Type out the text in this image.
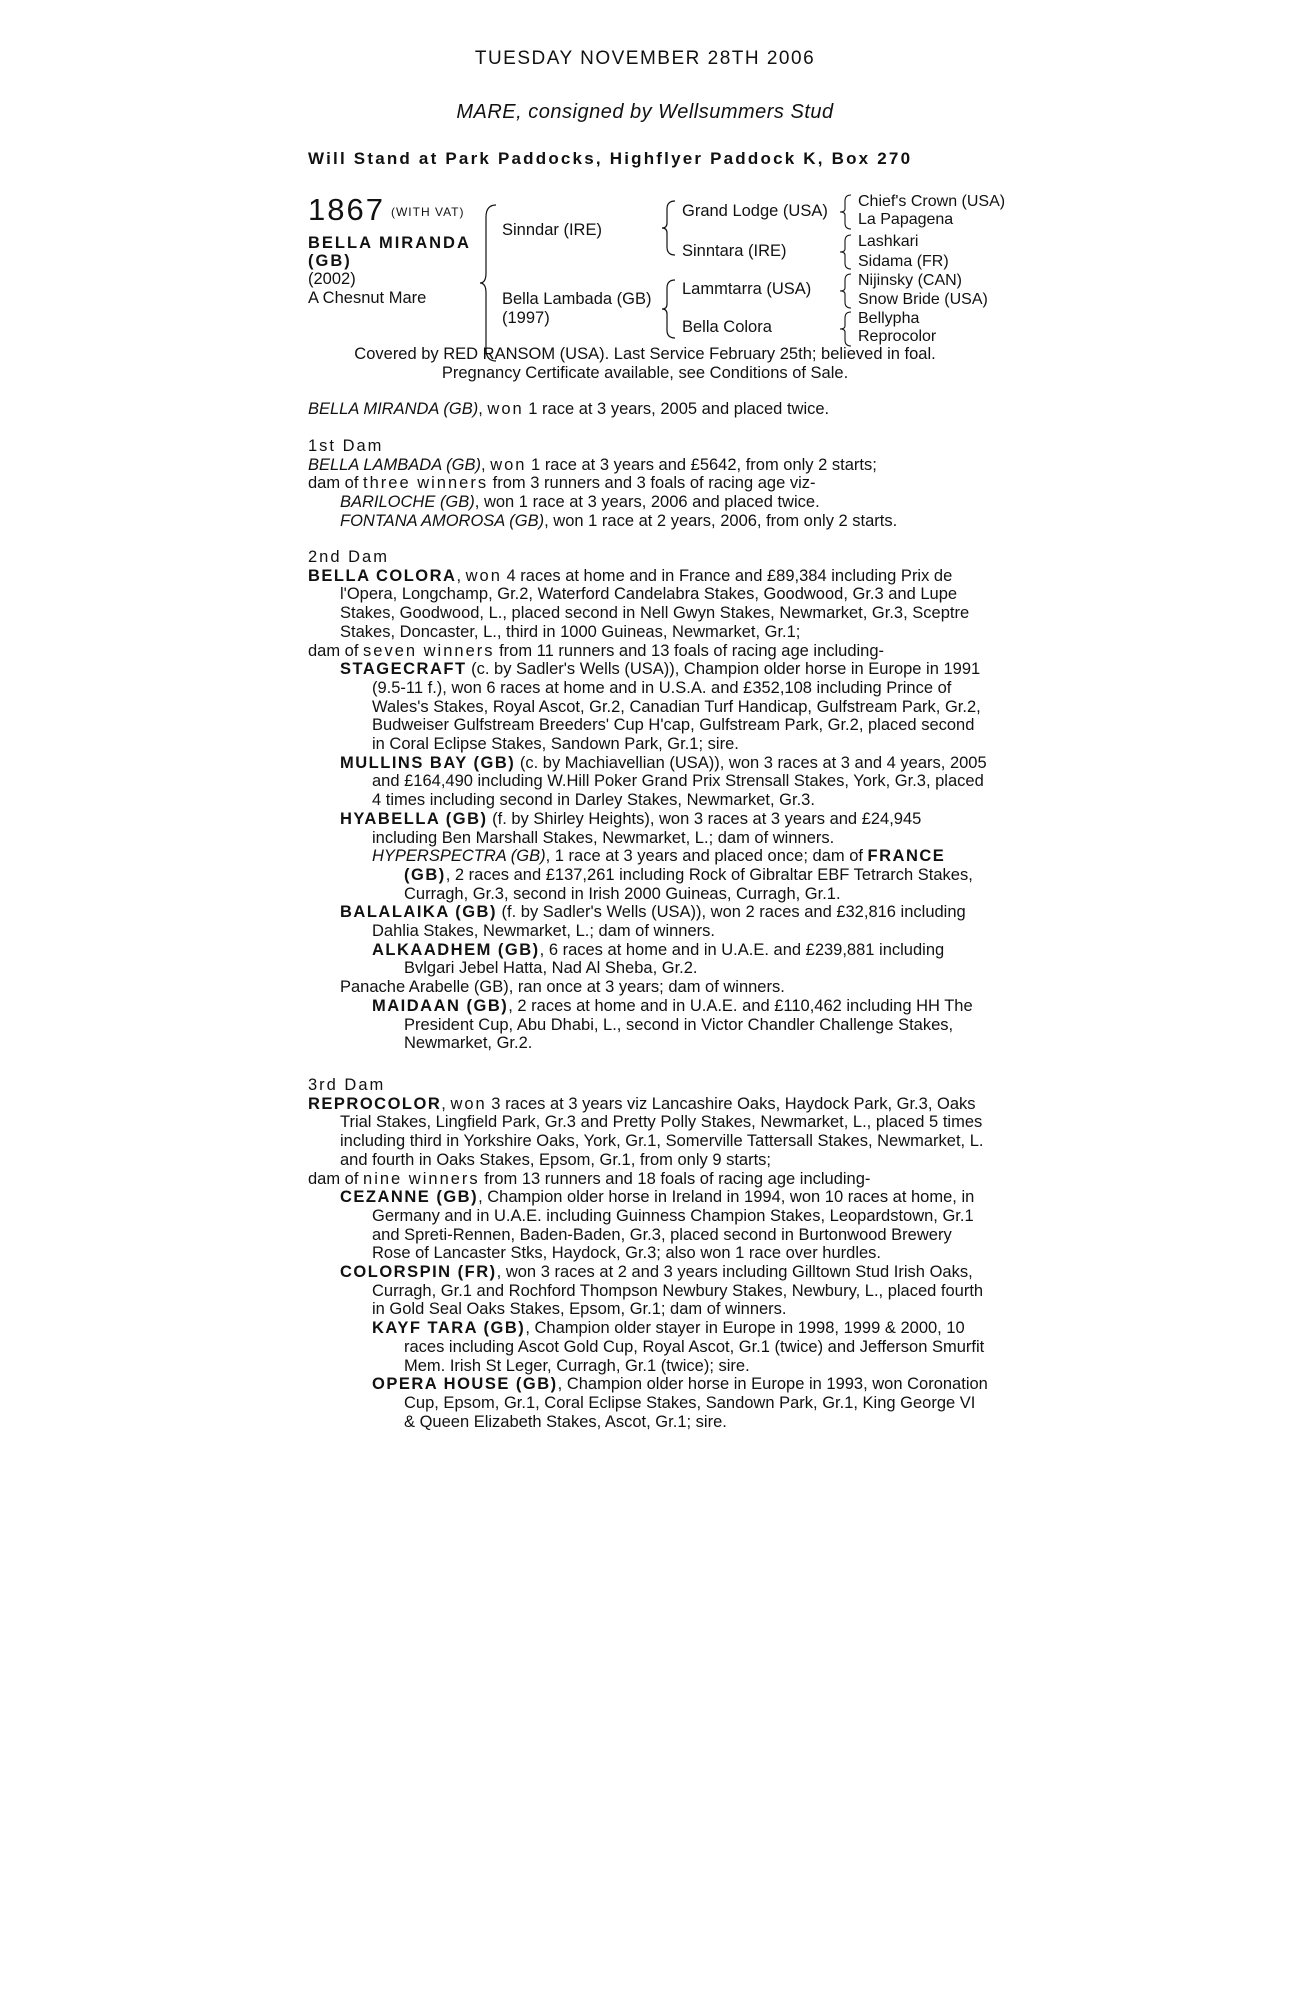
TUESDAY NOVEMBER 28TH 2006
MARE, consigned by Wellsummers Stud
Will Stand at Park Paddocks, Highflyer Paddock K, Box 270
1867 (WITH VAT)
BELLA MIRANDA
(GB)
(2002)
A Chesnut Mare
Sinndar (IRE)
Bella Lambada (GB)
(1997)
Grand Lodge (USA)
Sinntara (IRE)
Lammtarra (USA)
Bella Colora
Chief's Crown (USA)
La Papagena
Lashkari
Sidama (FR)
Nijinsky (CAN)
Snow Bride (USA)
Bellypha
Reprocolor
Covered by RED RANSOM (USA). Last Service February 25th; believed in foal.
Pregnancy Certificate available, see Conditions of Sale.

BELLA MIRANDA (GB), won 1 race at 3 years, 2005 and placed twice.

1st Dam

BELLA LAMBADA (GB), won 1 race at 3 years and £5642, from only 2 starts;

dam of three winners from 3 runners and 3 foals of racing age viz-

BARILOCHE (GB), won 1 race at 3 years, 2006 and placed twice.

FONTANA AMOROSA (GB), won 1 race at 2 years, 2006, from only 2 starts.

2nd Dam

BELLA COLORA, won 4 races at home and in France and £89,384 including Prix de l'Opera, Longchamp, Gr.2, Waterford Candelabra Stakes, Goodwood, Gr.3 and Lupe Stakes, Goodwood, L., placed second in Nell Gwyn Stakes, Newmarket, Gr.3, Sceptre Stakes, Doncaster, L., third in 1000 Guineas, Newmarket, Gr.1;

dam of seven winners from 11 runners and 13 foals of racing age including-

STAGECRAFT (c. by Sadler's Wells (USA)), Champion older horse in Europe in 1991 (9.5-11 f.), won 6 races at home and in U.S.A. and £352,108 including Prince of Wales's Stakes, Royal Ascot, Gr.2, Canadian Turf Handicap, Gulfstream Park, Gr.2, Budweiser Gulfstream Breeders' Cup H'cap, Gulfstream Park, Gr.2, placed second in Coral Eclipse Stakes, Sandown Park, Gr.1; sire.

MULLINS BAY (GB) (c. by Machiavellian (USA)), won 3 races at 3 and 4 years, 2005 and £164,490 including W.Hill Poker Grand Prix Strensall Stakes, York, Gr.3, placed 4 times including second in Darley Stakes, Newmarket, Gr.3.

HYABELLA (GB) (f. by Shirley Heights), won 3 races at 3 years and £24,945 including Ben Marshall Stakes, Newmarket, L.; dam of winners.

HYPERSPECTRA (GB), 1 race at 3 years and placed once; dam of FRANCE (GB), 2 races and £137,261 including Rock of Gibraltar EBF Tetrarch Stakes, Curragh, Gr.3, second in Irish 2000 Guineas, Curragh, Gr.1.

BALALAIKA (GB) (f. by Sadler's Wells (USA)), won 2 races and £32,816 including Dahlia Stakes, Newmarket, L.; dam of winners.

ALKAADHEM (GB), 6 races at home and in U.A.E. and £239,881 including Bvlgari Jebel Hatta, Nad Al Sheba, Gr.2.

Panache Arabelle (GB), ran once at 3 years; dam of winners.

MAIDAAN (GB), 2 races at home and in U.A.E. and £110,462 including HH The President Cup, Abu Dhabi, L., second in Victor Chandler Challenge Stakes, Newmarket, Gr.2.

3rd Dam

REPROCOLOR, won 3 races at 3 years viz Lancashire Oaks, Haydock Park, Gr.3, Oaks Trial Stakes, Lingfield Park, Gr.3 and Pretty Polly Stakes, Newmarket, L., placed 5 times including third in Yorkshire Oaks, York, Gr.1, Somerville Tattersall Stakes, Newmarket, L. and fourth in Oaks Stakes, Epsom, Gr.1, from only 9 starts;

dam of nine winners from 13 runners and 18 foals of racing age including-

CEZANNE (GB), Champion older horse in Ireland in 1994, won 10 races at home, in Germany and in U.A.E. including Guinness Champion Stakes, Leopardstown, Gr.1 and Spreti-Rennen, Baden-Baden, Gr.3, placed second in Burtonwood Brewery Rose of Lancaster Stks, Haydock, Gr.3; also won 1 race over hurdles.

COLORSPIN (FR), won 3 races at 2 and 3 years including Gilltown Stud Irish Oaks, Curragh, Gr.1 and Rochford Thompson Newbury Stakes, Newbury, L., placed fourth in Gold Seal Oaks Stakes, Epsom, Gr.1; dam of winners.

KAYF TARA (GB), Champion older stayer in Europe in 1998, 1999 & 2000, 10 races including Ascot Gold Cup, Royal Ascot, Gr.1 (twice) and Jefferson Smurfit Mem. Irish St Leger, Curragh, Gr.1 (twice); sire.

OPERA HOUSE (GB), Champion older horse in Europe in 1993, won Coronation Cup, Epsom, Gr.1, Coral Eclipse Stakes, Sandown Park, Gr.1, King George VI & Queen Elizabeth Stakes, Ascot, Gr.1; sire.
